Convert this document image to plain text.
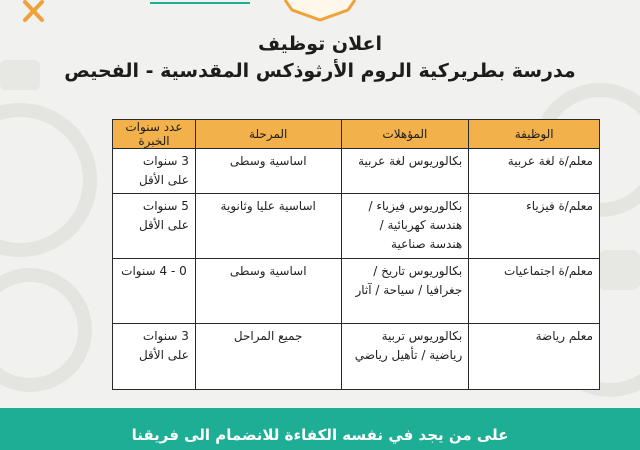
اعلان توظيف
مدرسة بطريركية الروم الأرثوذكس المقدسية - الفحيص
الوظيفة	المؤهلات	المرحلة	عدد سنوات الخبرة
معلم/ة لغة عربية	بكالوريوس لغة عربية	اساسية وسطى	3 سنوات على الأقل
معلم/ة فيزياء	بكالوريوس فيزياء / هندسة كهربائية / هندسة صناعية	اساسية عليا وثانوية	5 سنوات على الأقل
معلم/ة اجتماعيات	بكالوريوس تاريخ / جغرافيا / سياحة / آثار	اساسية وسطى	0 - 4 سنوات
معلم رياضة	بكالوريوس تربية رياضية / تأهيل رياضي	جميع المراحل	3 سنوات على الأقل
على من يجد في نفسه الكفاءة للانضمام الى فريقنا
